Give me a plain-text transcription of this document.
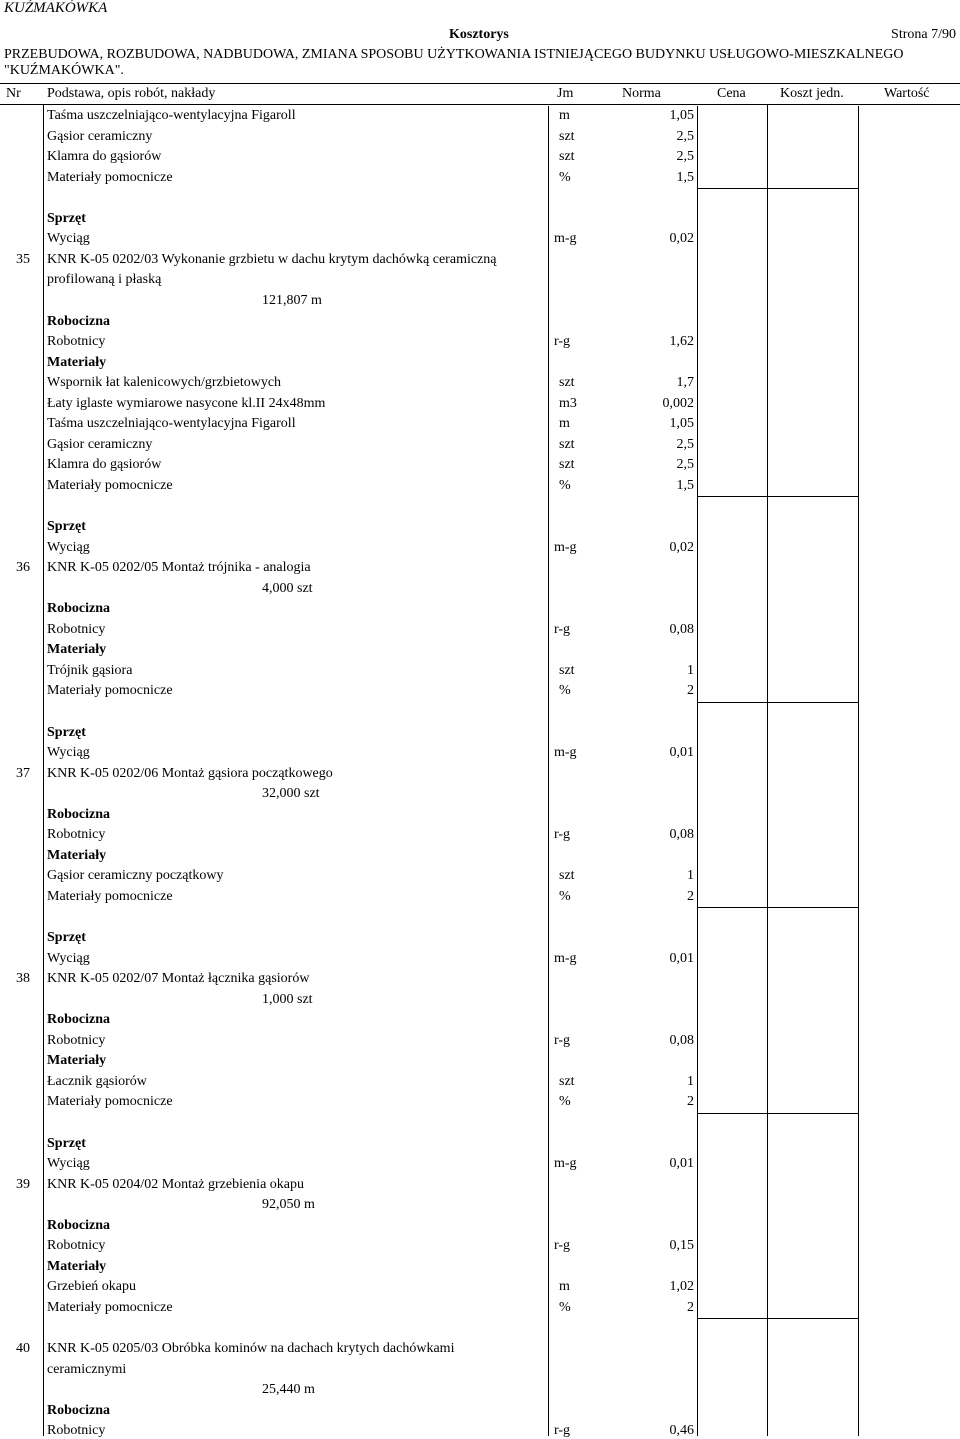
KUŹMAKÓWKA
Kosztorys	Strona 7/90
PRZEBUDOWA, ROZBUDOWA, NADBUDOWA, ZMIANA SPOSOBU UŻYTKOWANIA ISTNIEJĄCEGO BUDYNKU USŁUGOWO-MIESZKALNEGO
"KUŹMAKÓWKA".
Nr Podstawa, opis robót, nakłady	Jm	Norma	Cena Koszt jedn.	Wartość
Taśma uszczelniająco-wentylacyjna Figaroll	m	1,05
Gąsior ceramiczny	szt	2,5
Klamra do gąsiorów	szt	2,5
Materiały pomocnicze	%	1,5
Sprzęt
Wyciąg	m-g	0,02
35 KNR K-05 0202/03 Wykonanie grzbietu w dachu krytym dachówką ceramiczną
profilowaną i płaską
121,807 m
Robocizna
Robotnicy	r-g	1,62
Materiały
Wspornik łat kalenicowych/grzbietowych	szt	1,7
Łaty iglaste wymiarowe nasycone kl.II 24x48mm	m3	0,002
Taśma uszczelniająco-wentylacyjna Figaroll	m	1,05
Gąsior ceramiczny	szt	2,5
Klamra do gąsiorów	szt	2,5
Materiały pomocnicze	%	1,5
Sprzęt
Wyciąg	m-g	0,02
36 KNR K-05 0202/05 Montaż trójnika - analogia
4,000 szt
Robocizna
Robotnicy	r-g	0,08
Materiały
Trójnik gąsiora	szt	1
Materiały pomocnicze	%	2
Sprzęt
Wyciąg	m-g	0,01
37 KNR K-05 0202/06 Montaż gąsiora początkowego
32,000 szt
Robocizna
Robotnicy	r-g	0,08
Materiały
Gąsior ceramiczny początkowy	szt	1
Materiały pomocnicze	%	2
Sprzęt
Wyciąg	m-g	0,01
38 KNR K-05 0202/07 Montaż łącznika gąsiorów
1,000 szt
Robocizna
Robotnicy	r-g	0,08
Materiały
Łacznik gąsiorów	szt	1
Materiały pomocnicze	%	2
Sprzęt
Wyciąg	m-g	0,01
39 KNR K-05 0204/02 Montaż grzebienia okapu
92,050 m
Robocizna
Robotnicy	r-g	0,15
Materiały
Grzebień okapu	m	1,02
Materiały pomocnicze	%	2
40 KNR K-05 0205/03 Obróbka kominów na dachach krytych dachówkami
ceramicznymi
25,440 m
Robocizna
Robotnicy	r-g	0,46
